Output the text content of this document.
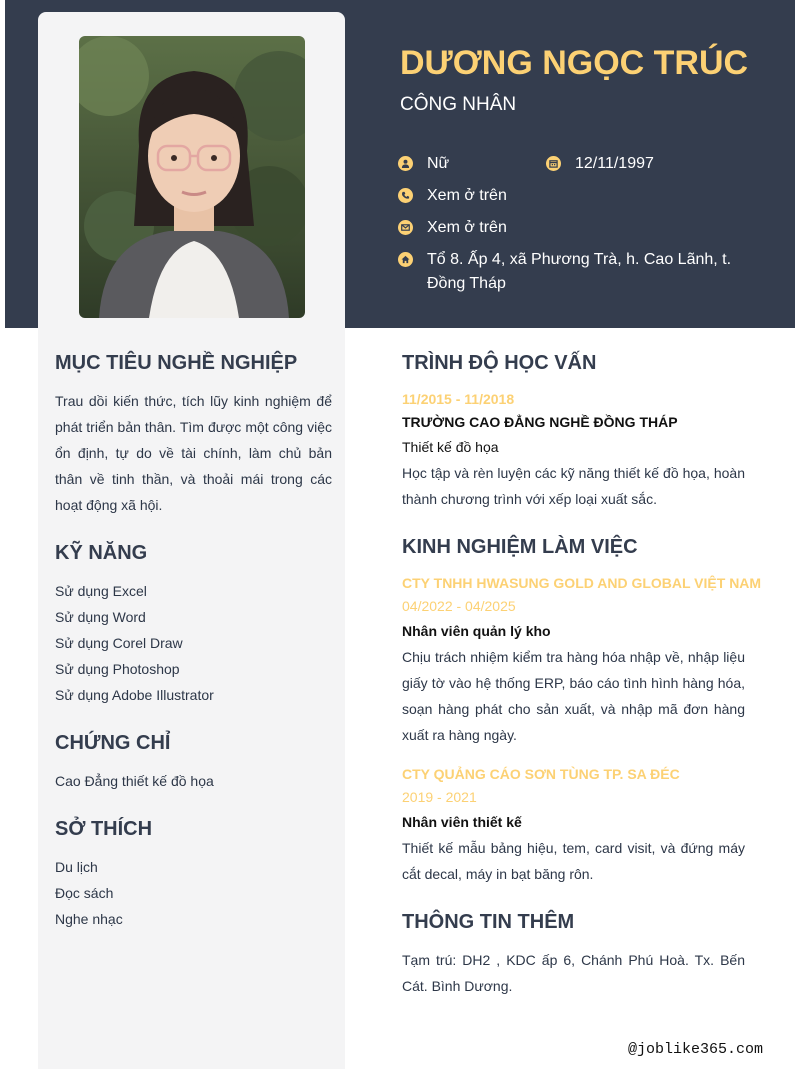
DƯƠNG NGỌC TRÚC
CÔNG NHÂN
Nữ	12/11/1997
Xem ở trên
Xem ở trên
Tổ 8. Ấp 4, xã Phương Trà, h. Cao Lãnh, t. Đồng Tháp
MỤC TIÊU NGHỀ NGHIỆP
Trau dồi kiến thức, tích lũy kinh nghiệm để phát triển bản thân. Tìm được một công việc ổn định, tự do về tài chính, làm chủ bản thân về tinh thần, và thoải mái trong các hoạt động xã hội.
KỸ NĂNG
Sử dụng Excel
Sử dụng Word
Sử dụng Corel Draw
Sử dụng Photoshop
Sử dụng Adobe Illustrator
CHỨNG CHỈ
Cao Đẳng thiết kế đồ họa
SỞ THÍCH
Du lịch
Đọc sách
Nghe nhạc
TRÌNH ĐỘ HỌC VẤN
11/2015 - 11/2018
TRƯỜNG CAO ĐẲNG NGHỀ ĐỒNG THÁP
Thiết kế đồ họa
Học tập và rèn luyện các kỹ năng thiết kế đồ họa, hoàn thành chương trình với xếp loại xuất sắc.
KINH NGHIỆM LÀM VIỆC
CTY TNHH HWASUNG GOLD AND GLOBAL VIỆT NAM
04/2022 - 04/2025
Nhân viên quản lý kho
Chịu trách nhiệm kiểm tra hàng hóa nhập về, nhập liệu giấy tờ vào hệ thống ERP, báo cáo tình hình hàng hóa, soạn hàng phát cho sản xuất, và nhập mã đơn hàng xuất ra hàng ngày.
CTY QUẢNG CÁO SƠN TÙNG TP. SA ĐÉC
2019 - 2021
Nhân viên thiết kế
Thiết kế mẫu bảng hiệu, tem, card visit, và đứng máy cắt decal, máy in bạt băng rôn.
THÔNG TIN THÊM
Tạm trú: DH2 , KDC ấp 6, Chánh Phú Hoà. Tx. Bến Cát. Bình Dương.
@joblike365.com
